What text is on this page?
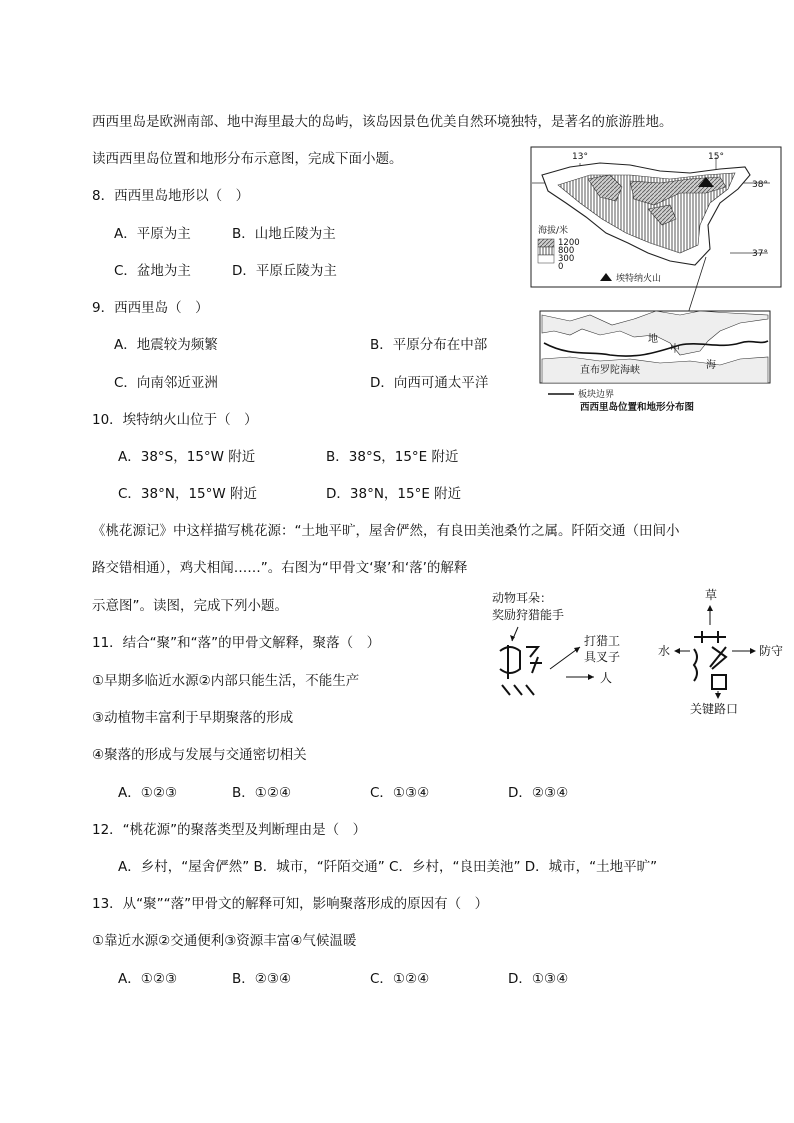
西西里岛是欧洲南部、地中海里最大的岛屿，该岛因景色优美自然环境独特，是著名的旅游胜地。
读西西里岛位置和地形分布示意图，完成下面小题。
8．西西里岛地形以（　）
A．平原为主	B．山地丘陵为主
C．盆地为主	D．平原丘陵为主
9．西西里岛（　）
A．地震较为频繁	B．平原分布在中部
C．向南邻近亚洲	D．向西可通太平洋
10．埃特纳火山位于（　）
A．38°S，15°W 附近	B．38°S，15°E 附近
C．38°N，15°W 附近	D．38°N，15°E 附近
《桃花源记》中这样描写桃花源：“土地平旷，屋舍俨然，有良田美池桑竹之属。阡陌交通（田间小
路交错相通），鸡犬相闻……”。右图为“甲骨文‘聚’和‘落’的解释
示意图”。读图，完成下列小题。
11．结合“聚”和“落”的甲骨文解释，聚落（　）
①早期多临近水源②内部只能生活，不能生产
③动植物丰富利于早期聚落的形成
④聚落的形成与发展与交通密切相关
A．①②③	B．①②④	C．①③④	D．②③④
12．“桃花源”的聚落类型及判断理由是（　）
A．乡村，“屋舍俨然” B．城市，“阡陌交通” C．乡村，“良田美池” D．城市，“土地平旷”
13．从“聚”“落”甲骨文的解释可知，影响聚落形成的原因有（　）
①靠近水源②交通便利③资源丰富④气候温暖
A．①②③	B．②③④	C．①②④	D．①③④
13°	15°
38°
37°
海拔/米
1200
800
300
0
埃特纳火山
地
中
海
直布罗陀海峡
板块边界
西西里岛位置和地形分布图
动物耳朵：
奖励狩猎能手
打猎工
具叉子
人
草
水	防守
关键路口
